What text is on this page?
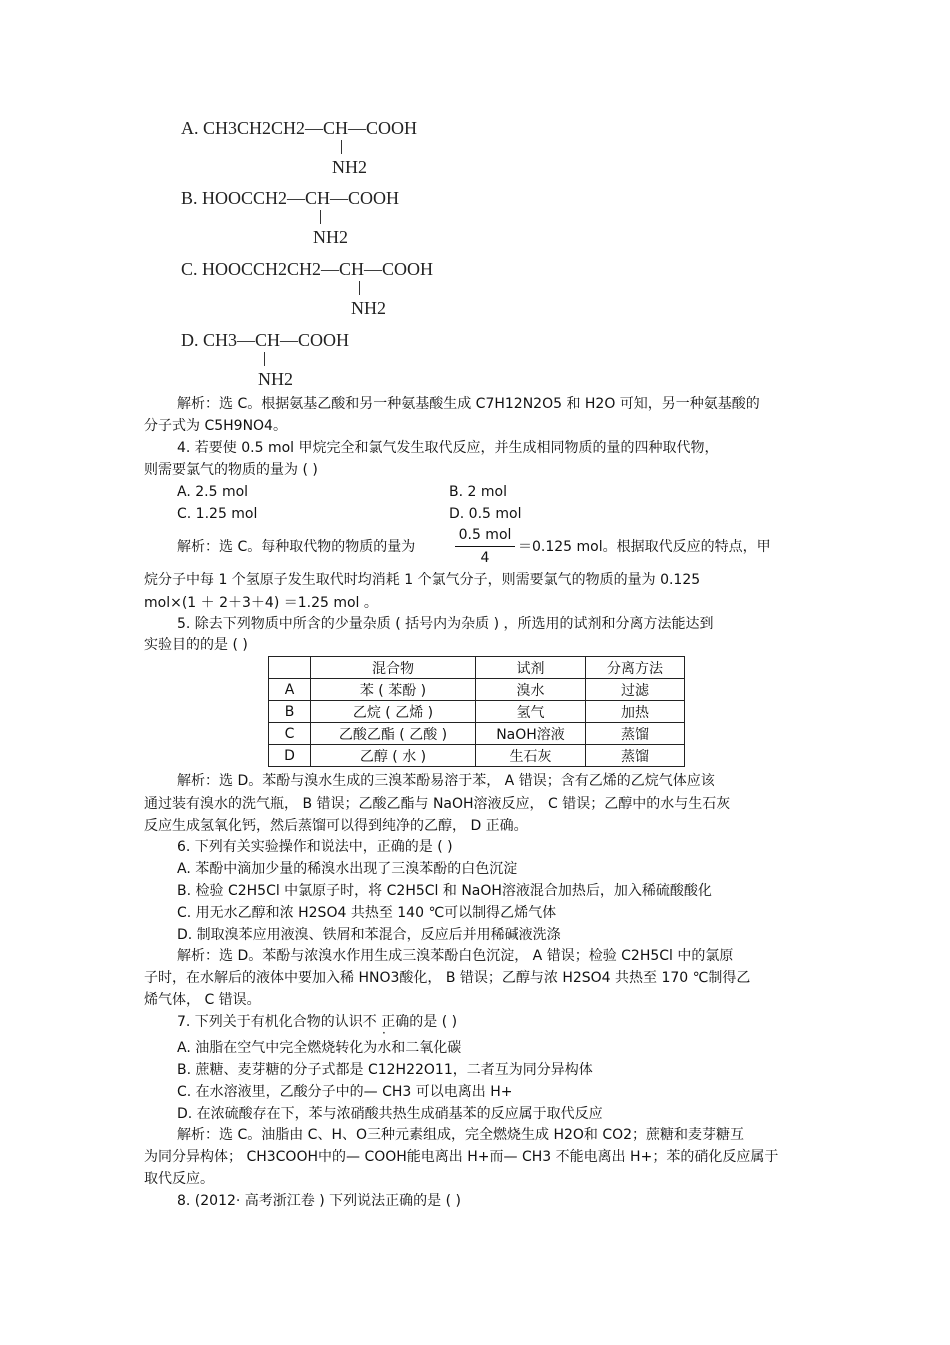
A. CH3CH2CH2—CH—COOH
NH2
B. HOOCCH2—CH—COOH
NH2
C. HOOCCH2CH2—CH—COOH
NH2
D. CH3—CH—COOH
NH2
解析：选 C。根据氨基乙酸和另一种氨基酸生成 C7H12N2O5 和 H2O 可知，另一种氨基酸的
分子式为 C5H9NO4。
4. 若要使 0.5 mol 甲烷完全和氯气发生取代反应，并生成相同物质的量的四种取代物，
则需要氯气的物质的量为 ( )
A. 2.5 mol	B. 2 mol
C. 1.25 mol	D. 0.5 mol
解析：选 C。每种取代物的物质的量为
0.5 mol
4
＝0.125 mol。根据取代反应的特点，甲
烷分子中每 1 个氢原子发生取代时均消耗 1 个氯气分子，则需要氯气的物质的量为 0.125
mol×(1 ＋ 2＋3＋4) ＝1.25 mol 。
5. 除去下列物质中所含的少量杂质 ( 括号内为杂质 ) ，所选用的试剂和分离方法能达到
实验目的的是 ( )
	混合物	试剂	分离方法
A	苯 ( 苯酚 )	溴水	过滤
B	乙烷 ( 乙烯 )	氢气	加热
C	乙酸乙酯 ( 乙酸 )	NaOH溶液	蒸馏
D	乙醇 ( 水 )	生石灰	蒸馏
解析：选 D。苯酚与溴水生成的三溴苯酚易溶于苯， A 错误；含有乙烯的乙烷气体应该
通过装有溴水的洗气瓶， B 错误；乙酸乙酯与 NaOH溶液反应， C 错误；乙醇中的水与生石灰
反应生成氢氧化钙，然后蒸馏可以得到纯净的乙醇， D 正确。
6. 下列有关实验操作和说法中，正确的是 ( )
A. 苯酚中滴加少量的稀溴水出现了三溴苯酚的白色沉淀
B. 检验 C2H5Cl 中氯原子时，将 C2H5Cl 和 NaOH溶液混合加热后，加入稀硫酸酸化
C. 用无水乙醇和浓 H2SO4 共热至 140 ℃可以制得乙烯气体
D. 制取溴苯应用液溴、铁屑和苯混合，反应后并用稀碱液洗涤
解析：选 D。苯酚与浓溴水作用生成三溴苯酚白色沉淀， A 错误；检验 C2H5Cl 中的氯原
子时，在水解后的液体中要加入稀 HNO3酸化， B 错误；乙醇与浓 H2SO4 共热至 170 ℃制得乙
烯气体， C 错误。
7. 下列关于有机化合物的认识不 正确的是 ( )
·
A. 油脂在空气中完全燃烧转化为水和二氧化碳
B. 蔗糖、麦芽糖的分子式都是 C12H22O11，二者互为同分异构体
C. 在水溶液里，乙酸分子中的— CH3 可以电离出 H+
D. 在浓硫酸存在下，苯与浓硝酸共热生成硝基苯的反应属于取代反应
解析：选 C。油脂由 C、H、O三种元素组成，完全燃烧生成 H2O和 CO2；蔗糖和麦芽糖互
为同分异构体； CH3COOH中的— COOH能电离出 H+而— CH3 不能电离出 H+；苯的硝化反应属于
取代反应。
8. (2012· 高考浙江卷 ) 下列说法正确的是 ( )
